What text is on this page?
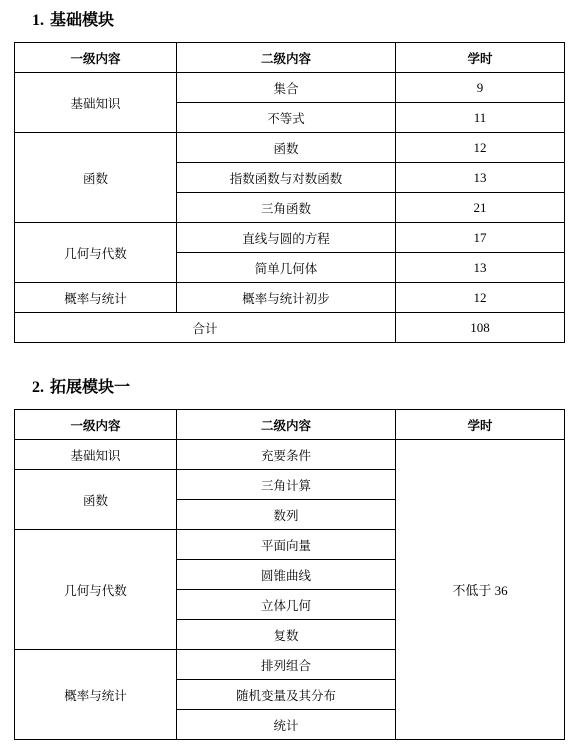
1. 基础模块
一级内容	二级内容	学时
基础知识	集合	9
	不等式	11
函数	函数	12
	指数函数与对数函数	13
	三角函数	21
几何与代数	直线与圆的方程	17
	简单几何体	13
概率与统计	概率与统计初步	12
合计		108
2. 拓展模块一
一级内容	二级内容	学时
基础知识	充要条件	不低于 36
函数	三角计算	
	数列	
几何与代数	平面向量	
	圆锥曲线	
	立体几何	
	复数	
概率与统计	排列组合	
	随机变量及其分布	
	统计	
